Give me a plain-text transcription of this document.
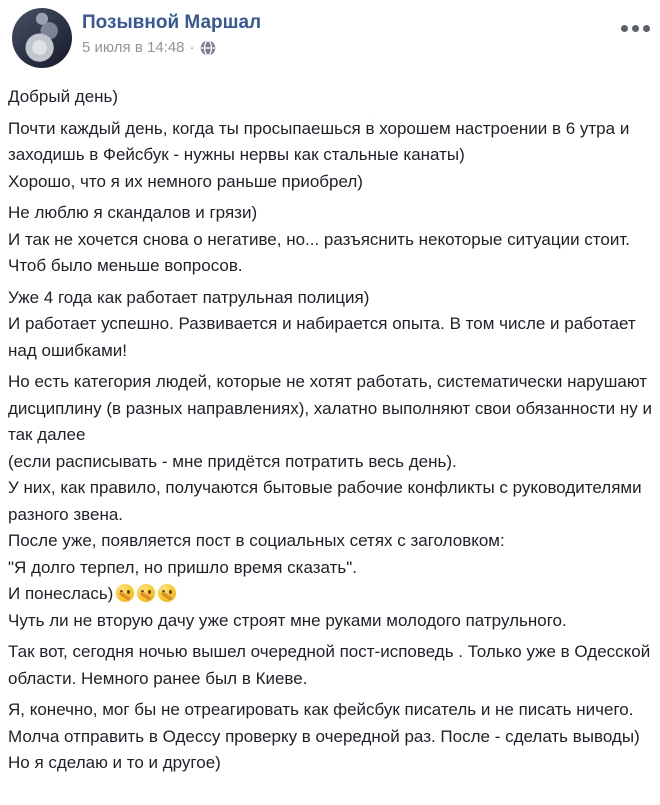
Позывной Маршал
5 июля в 14:48 ·
Добрый день)
Почти каждый день, когда ты просыпаешься в хорошем настроении в 6 утра и заходишь в Фейсбук - нужны нервы как стальные канаты)
Хорошо, что я их немного раньше приобрел)
Не люблю я скандалов и грязи)
И так не хочется снова о негативе, но... разъяснить некоторые ситуации стоит. Чтоб было меньше вопросов.
Уже 4 года как работает патрульная полиция)
И работает успешно. Развивается и набирается опыта. В том числе и работает над ошибками!
Но есть категория людей, которые не хотят работать, систематически нарушают дисциплину (в разных направлениях), халатно выполняют свои обязанности ну и так далее
(если расписывать - мне придётся потратить весь день).
У них, как правило, получаются бытовые рабочие конфликты с руководителями разного звена.
После уже, появляется пост в социальных сетях с заголовком:
"Я долго терпел, но пришло время сказать".
И понеслась)
Чуть ли не вторую дачу уже строят мне руками молодого патрульного.
Так вот, сегодня ночью вышел очередной пост-исповедь . Только уже в Одесской области. Немного ранее был в Киеве.
Я, конечно, мог бы не отреагировать как фейсбук писатель и не писать ничего. Молча отправить в Одессу проверку в очередной раз. После - сделать выводы)
Но я сделаю и то и другое)
